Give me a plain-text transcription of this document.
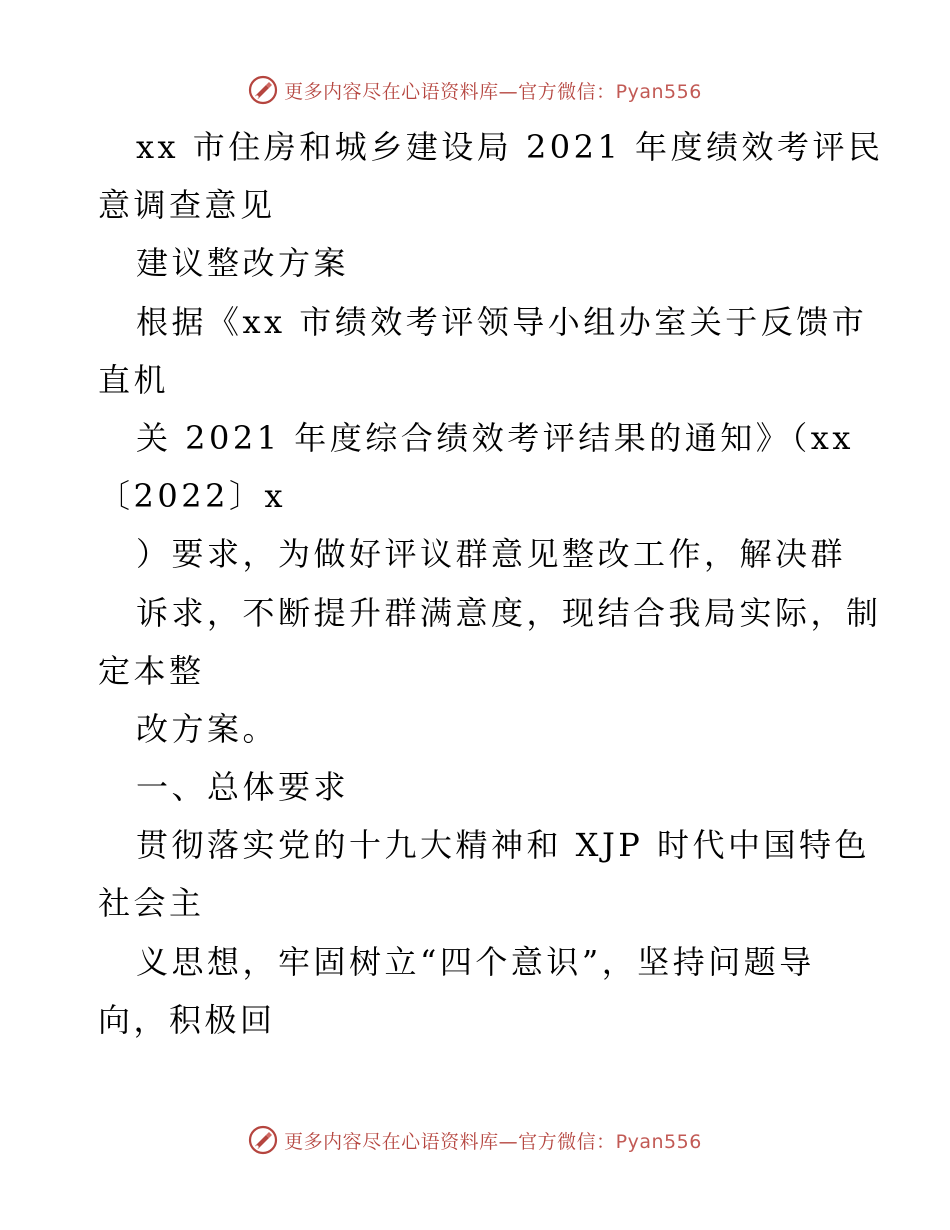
更多内容尽在心语资料库—官方微信：Pyan556
xx 市住房和城乡建设局 2021 年度绩效考评民
意调查意见
建议整改方案
根据《xx 市绩效考评领导小组办室关于反馈市
直机
关 2021 年度综合绩效考评结果的通知》（xx
〔2022〕x
）要求，为做好评议群意见整改工作，解决群
诉求，不断提升群满意度，现结合我局实际，制
定本整
改方案。
一、总体要求
贯彻落实党的十九大精神和 XJP 时代中国特色
社会主
义思想，牢固树立“四个意识”，坚持问题导
向，积极回
更多内容尽在心语资料库—官方微信：Pyan556
